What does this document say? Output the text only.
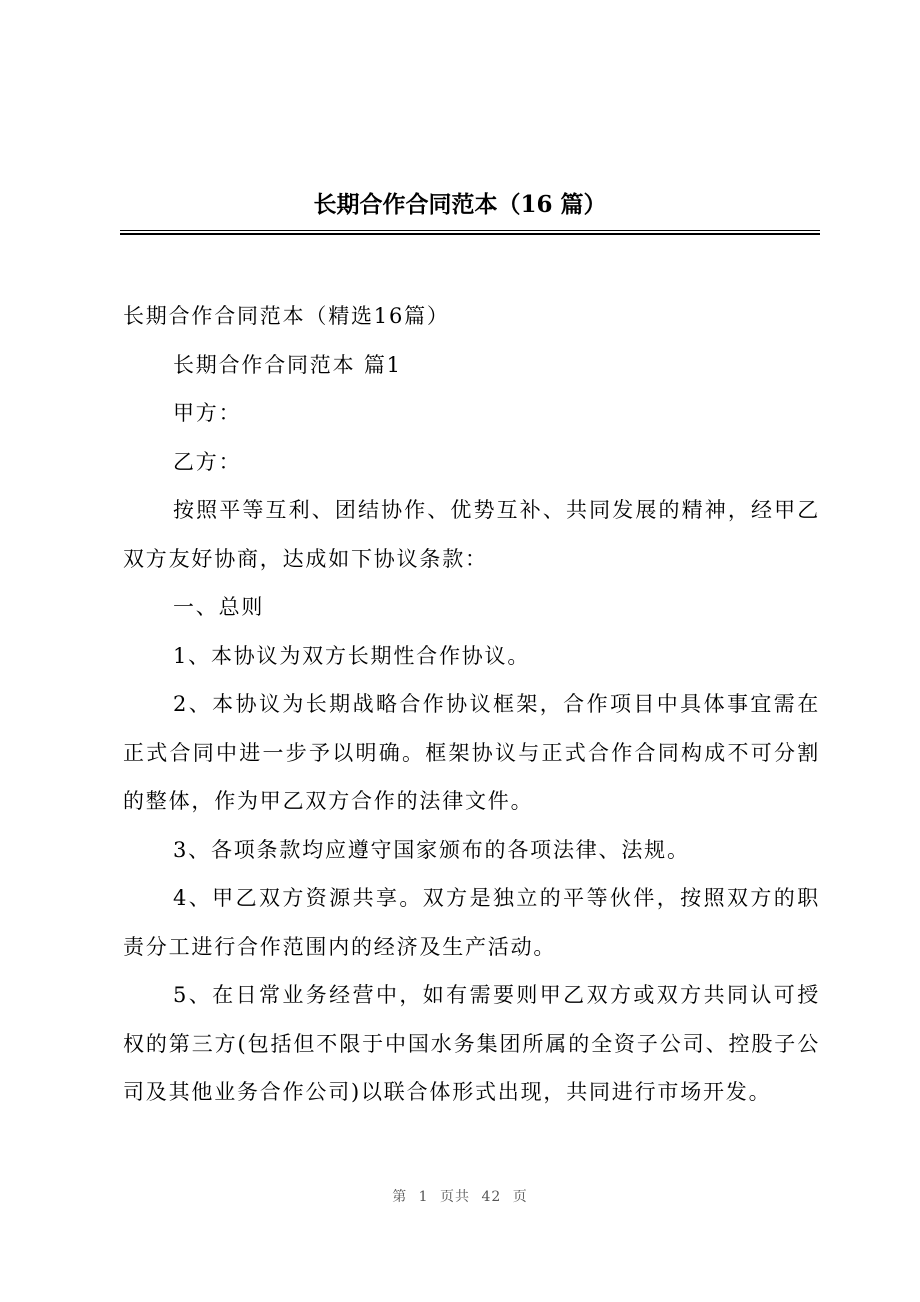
长期合作合同范本（16 篇）

长期合作合同范本（精选16篇）

长期合作合同范本 篇1

甲方：

乙方：

按照平等互利、团结协作、优势互补、共同发展的精神，经甲乙双方友好协商，达成如下协议条款：

一、总则

1、本协议为双方长期性合作协议。

2、本协议为长期战略合作协议框架，合作项目中具体事宜需在正式合同中进一步予以明确。框架协议与正式合作合同构成不可分割的整体，作为甲乙双方合作的法律文件。

3、各项条款均应遵守国家颁布的各项法律、法规。

4、甲乙双方资源共享。双方是独立的平等伙伴，按照双方的职责分工进行合作范围内的经济及生产活动。

5、在日常业务经营中，如有需要则甲乙双方或双方共同认可授权的第三方(包括但不限于中国水务集团所属的全资子公司、控股子公司及其他业务合作公司)以联合体形式出现，共同进行市场开发。

第 1 页共 42 页
